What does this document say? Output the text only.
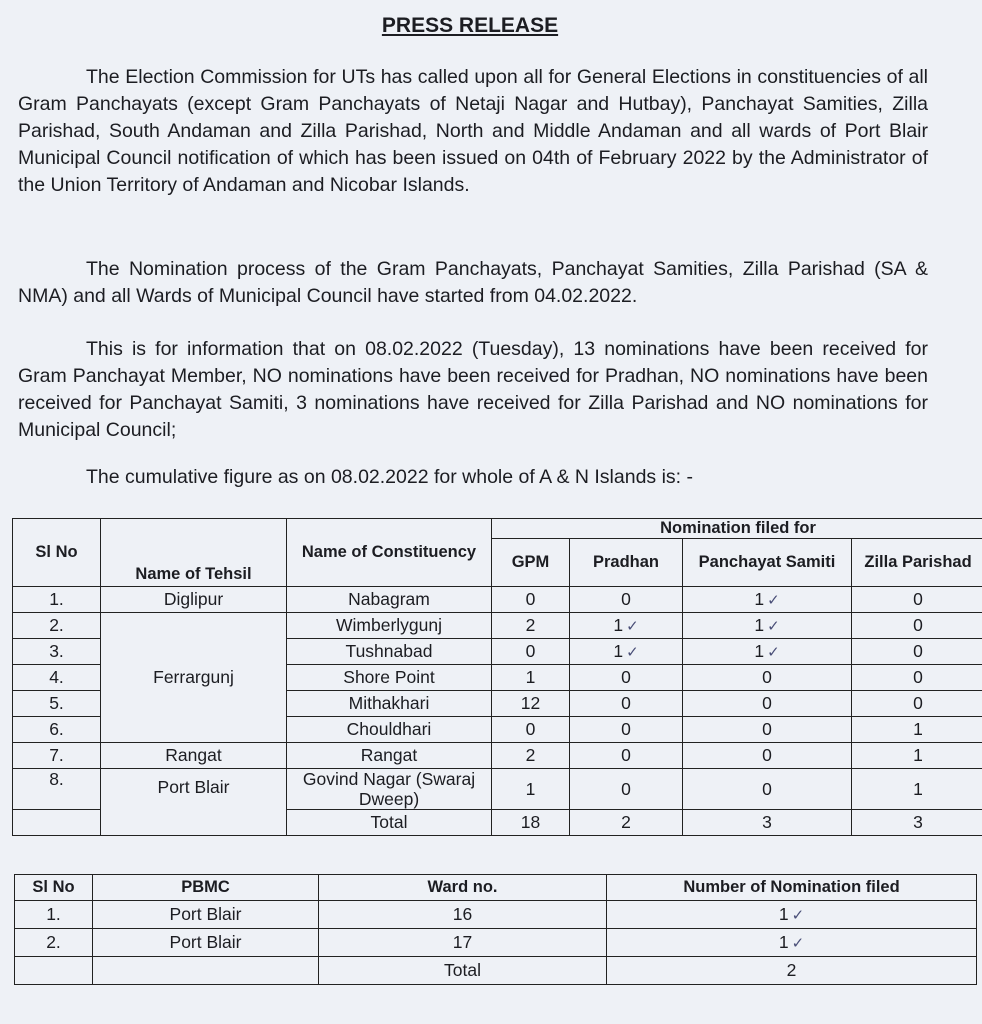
PRESS RELEASE

The Election Commission for UTs has called upon all for General Elections in constituencies of all Gram Panchayats (except Gram Panchayats of Netaji Nagar and Hutbay), Panchayat Samities, Zilla Parishad, South Andaman and Zilla Parishad, North and Middle Andaman and all wards of Port Blair Municipal Council notification of which has been issued on 04th of February 2022 by the Administrator of the Union Territory of Andaman and Nicobar Islands.

The Nomination process of the Gram Panchayats, Panchayat Samities, Zilla Parishad (SA & NMA) and all Wards of Municipal Council have started from 04.02.2022.

This is for information that on 08.02.2022 (Tuesday), 13 nominations have been received for Gram Panchayat Member, NO nominations have been received for Pradhan, NO nominations have been received for Panchayat Samiti, 3 nominations have received for Zilla Parishad and NO nominations for Municipal Council;

The cumulative figure as on 08.02.2022 for whole of A & N Islands is: -

Sl No	Name of Tehsil	Name of Constituency	Nomination filed for			
			GPM	Pradhan	Panchayat Samiti	Zilla Parishad
1.	Diglipur	Nabagram	0	0	1 ✓	0
2.	Ferrargunj	Wimberlygunj	2	1 ✓	1 ✓	0
3.		Tushnabad	0	1 ✓	1 ✓	0
4.		Shore Point	1	0	0	0
5.		Mithakhari	12	0	0	0
6.		Chouldhari	0	0	0	1
7.	Rangat	Rangat	2	0	0	1
8.	Port Blair	Govind Nagar (Swaraj Dweep)	1	0	0	1
		Total	18	2	3	3
Sl No	PBMC	Ward no.	Number of Nomination filed
1.	Port Blair	16	1 ✓
2.	Port Blair	17	1 ✓
		Total	2
